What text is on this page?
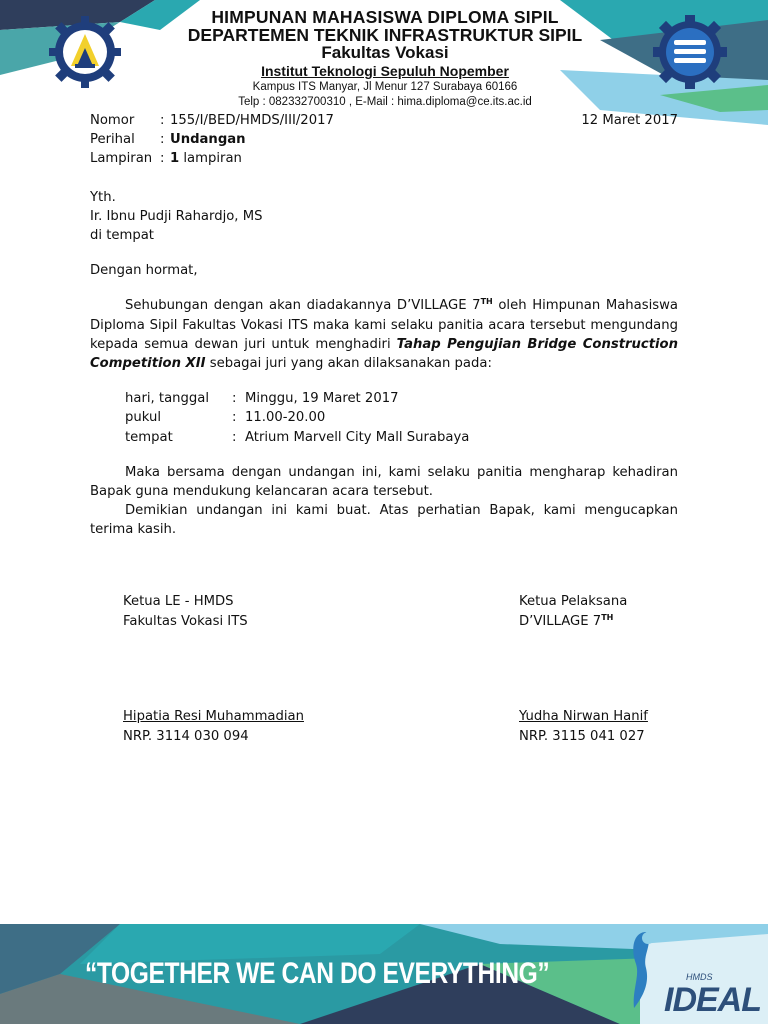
HIMPUNAN MAHASISWA DIPLOMA SIPIL
DEPARTEMEN TEKNIK INFRASTRUKTUR SIPIL
Fakultas Vokasi
Institut Teknologi Sepuluh Nopember
Kampus ITS Manyar, Jl Menur 127 Surabaya 60166
Telp : 082332700310 , E-Mail : hima.diploma@ce.its.ac.id
Nomor	: 155/I/BED/HMDS/III/2017	12 Maret 2017
Perihal	: Undangan
Lampiran : 1 lampiran
Yth.
Ir. Ibnu Pudji Rahardjo, MS
di tempat
Dengan hormat,

Sehubungan dengan akan diadakannya D’VILLAGE 7TH oleh Himpunan Mahasiswa Diploma Sipil Fakultas Vokasi ITS maka kami selaku panitia acara tersebut mengundang kepada semua dewan juri untuk menghadiri Tahap Pengujian Bridge Construction Competition XII sebagai juri yang akan dilaksanakan pada:

hari, tanggal	: Minggu, 19 Maret 2017
pukul	: 11.00-20.00
tempat	: Atrium Marvell City Mall Surabaya

Maka bersama dengan undangan ini, kami selaku panitia mengharap kehadiran Bapak guna mendukung kelancaran acara tersebut.

Demikian undangan ini kami buat. Atas perhatian Bapak, kami mengucapkan terima kasih.

Ketua LE - HMDS
Fakultas Vokasi ITS
Ketua Pelaksana
D’VILLAGE 7TH
Hipatia Resi Muhammadian
NRP. 3114 030 094
Yudha Nirwan Hanif
NRP. 3115 041 027
“TOGETHER WE CAN DO EVERYTHING”	HMDS
IDEAL
